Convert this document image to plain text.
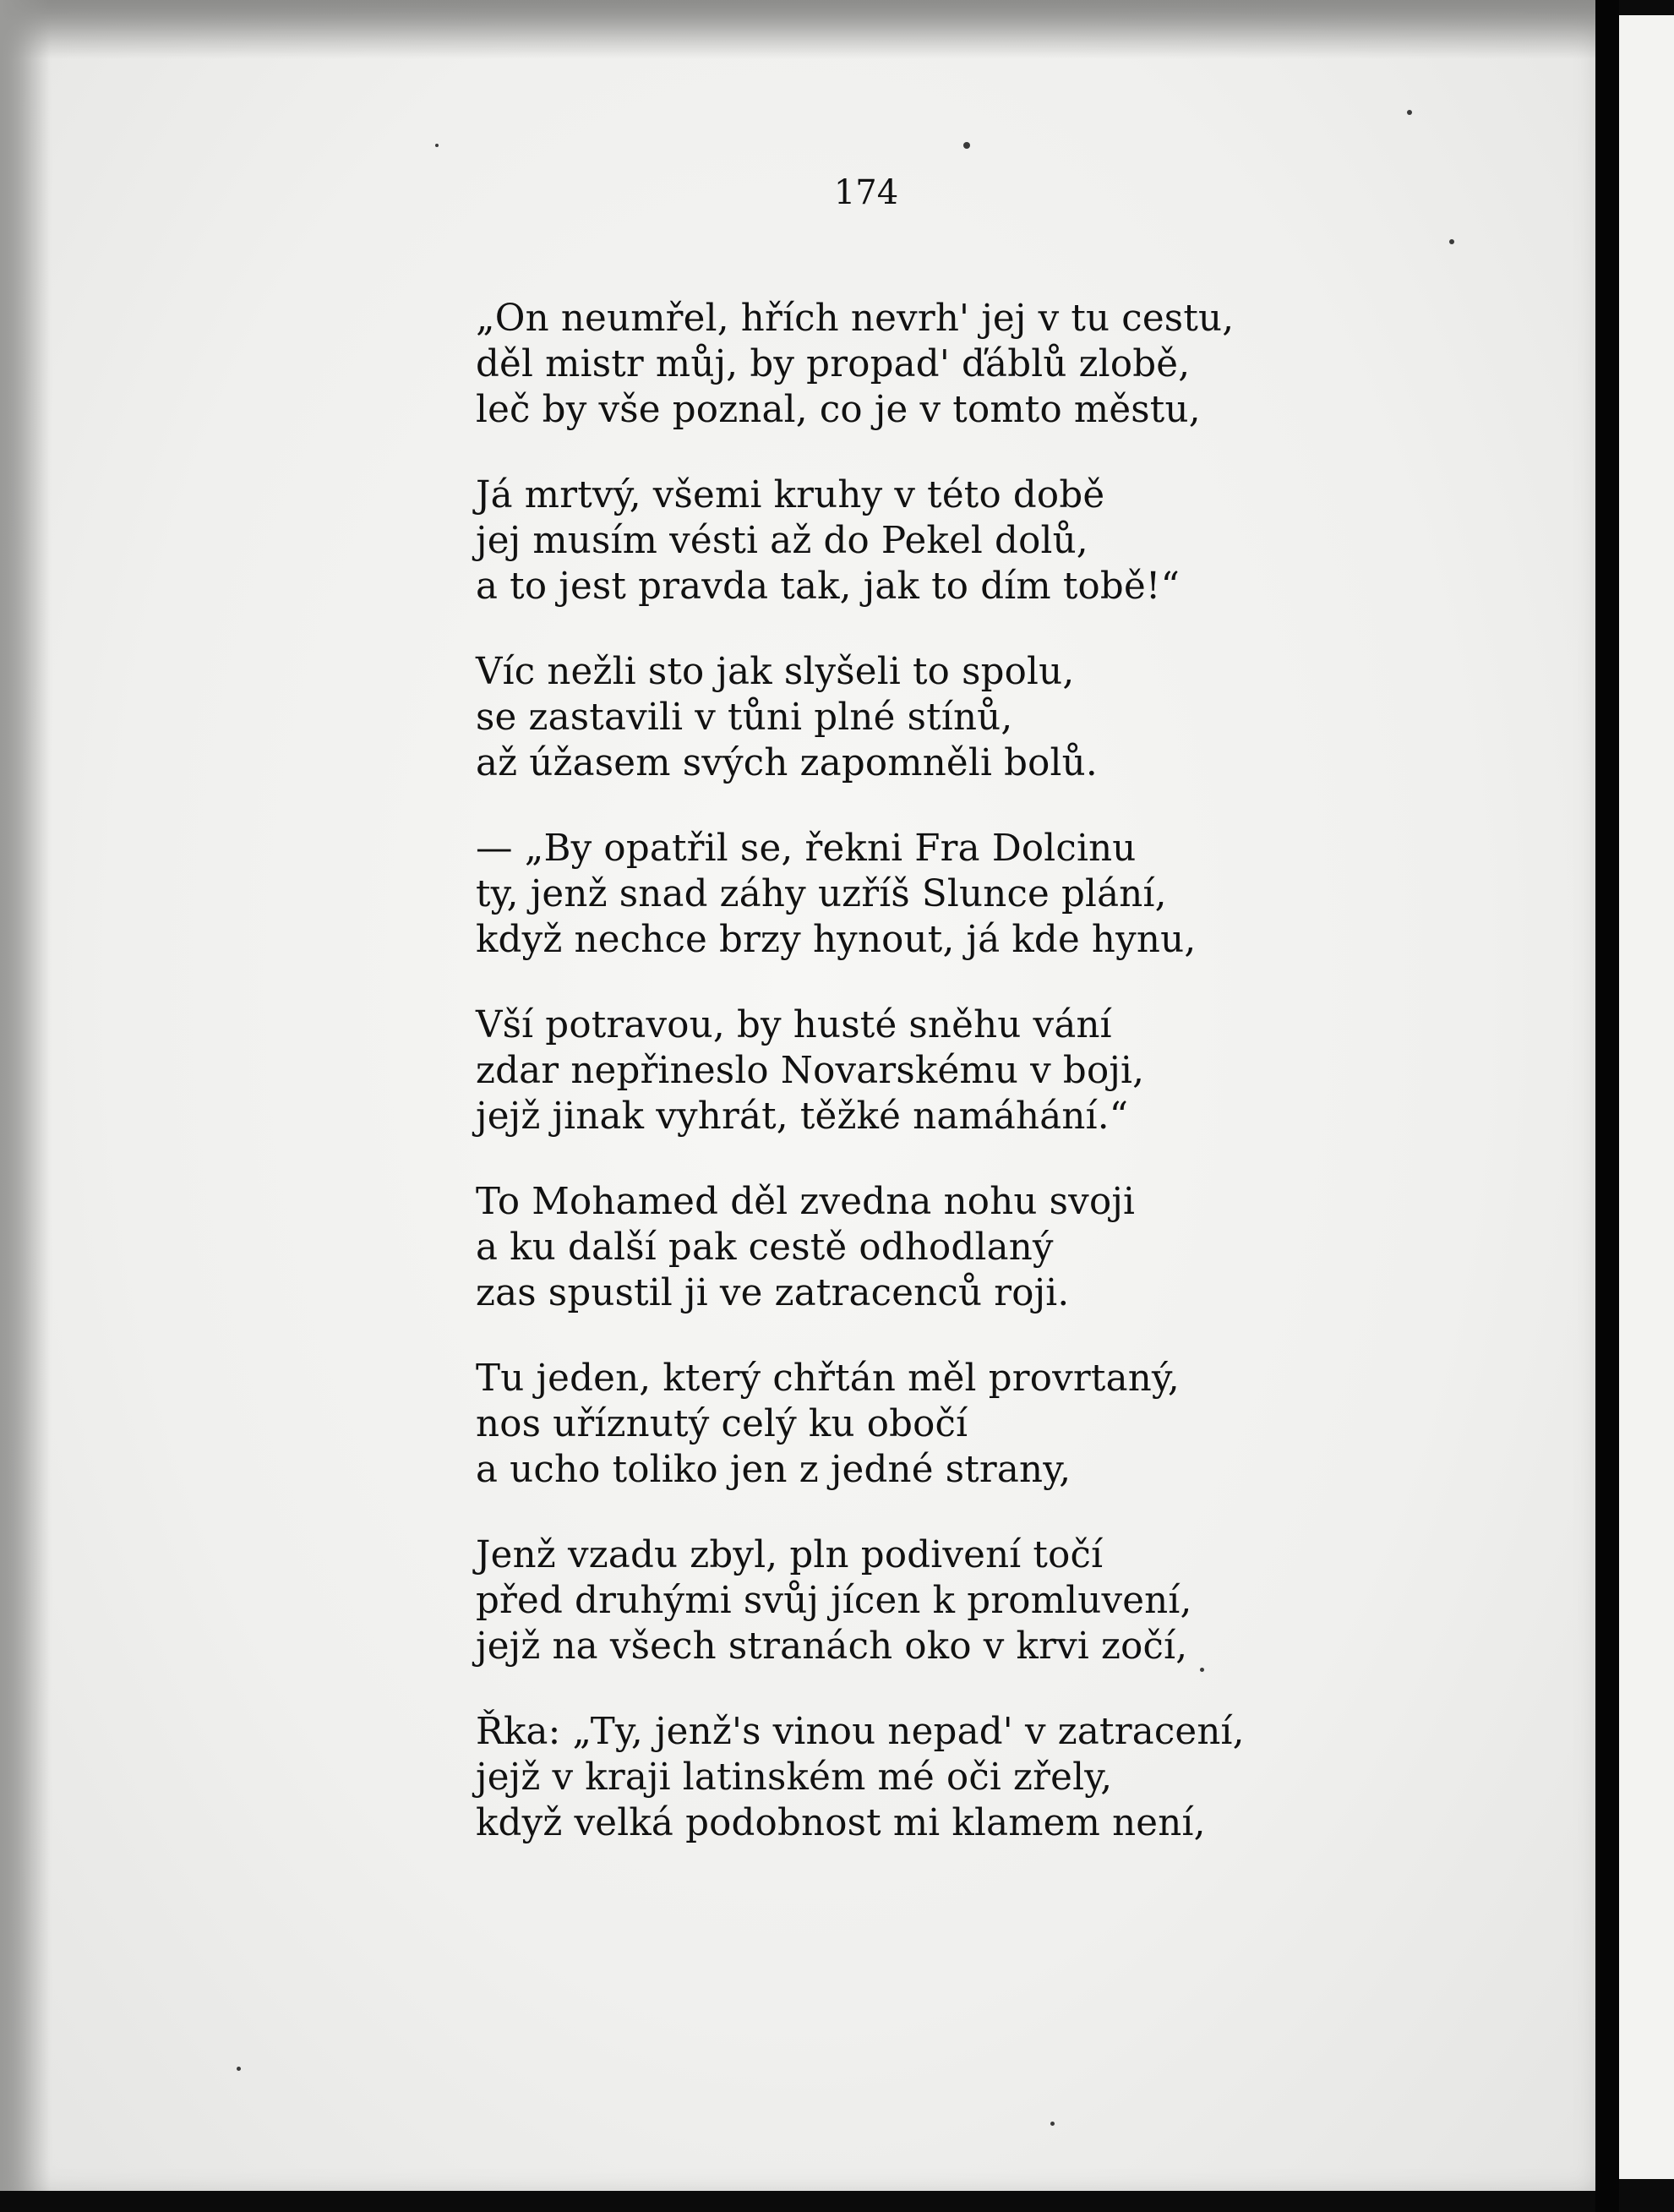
174
„On neumřel, hřích nevrh' jej v tu cestu,
děl mistr můj, by propad' ďáblů zlobě,
leč by vše poznal, co je v tomto městu,
Já mrtvý, všemi kruhy v této době
jej musím vésti až do Pekel dolů,
a to jest pravda tak, jak to dím tobě!“
Víc nežli sto jak slyšeli to spolu,
se zastavili v tůni plné stínů,
až úžasem svých zapomněli bolů.
— „By opatřil se, řekni Fra Dolcinu
ty, jenž snad záhy uzříš Slunce plání,
když nechce brzy hynout, já kde hynu,
Vší potravou, by husté sněhu vání
zdar nepřineslo Novarskému v boji,
jejž jinak vyhrát, těžké namáhání.“
To Mohamed děl zvedna nohu svoji
a ku další pak cestě odhodlaný
zas spustil ji ve zatracenců roji.
Tu jeden, který chřtán měl provrtaný,
nos uříznutý celý ku obočí
a ucho toliko jen z jedné strany,
Jenž vzadu zbyl, pln podivení točí
před druhými svůj jícen k promluvení,
jejž na všech stranách oko v krvi zočí,
Řka: „Ty, jenž's vinou nepad' v zatracení,
jejž v kraji latinském mé oči zřely,
když velká podobnost mi klamem není,
